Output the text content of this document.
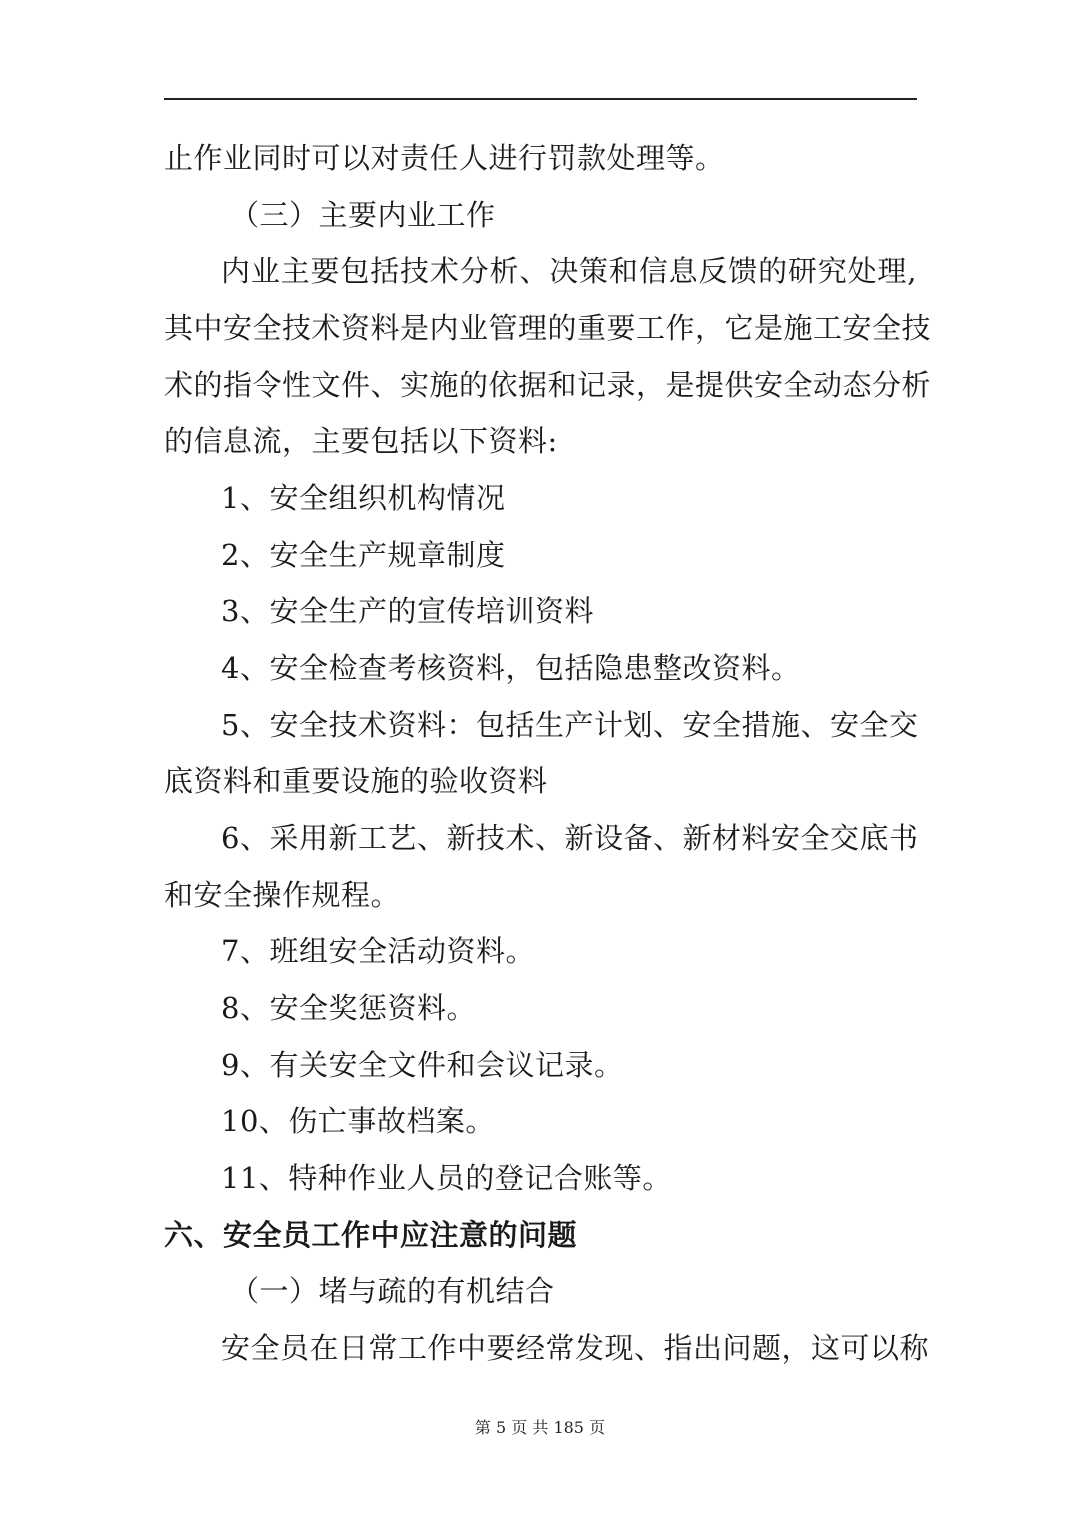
止作业同时可以对责任人进行罚款处理等。
（三）主要内业工作
内业主要包括技术分析、决策和信息反馈的研究处理,
其中安全技术资料是内业管理的重要工作，它是施工安全技
术的指令性文件、实施的依据和记录，是提供安全动态分析
的信息流，主要包括以下资料:
1、安全组织机构情况
2、安全生产规章制度
3、安全生产的宣传培训资料
4、安全检查考核资料，包括隐患整改资料。
5、安全技术资料：包括生产计划、安全措施、安全交
底资料和重要设施的验收资料
6、采用新工艺、新技术、新设备、新材料安全交底书
和安全操作规程。
7、班组安全活动资料。
8、安全奖惩资料。
9、有关安全文件和会议记录。
10、伤亡事故档案。
11、特种作业人员的登记合账等。
六、安全员工作中应注意的问题
（一）堵与疏的有机结合
安全员在日常工作中要经常发现、指出问题，这可以称
第 5 页 共 185 页
